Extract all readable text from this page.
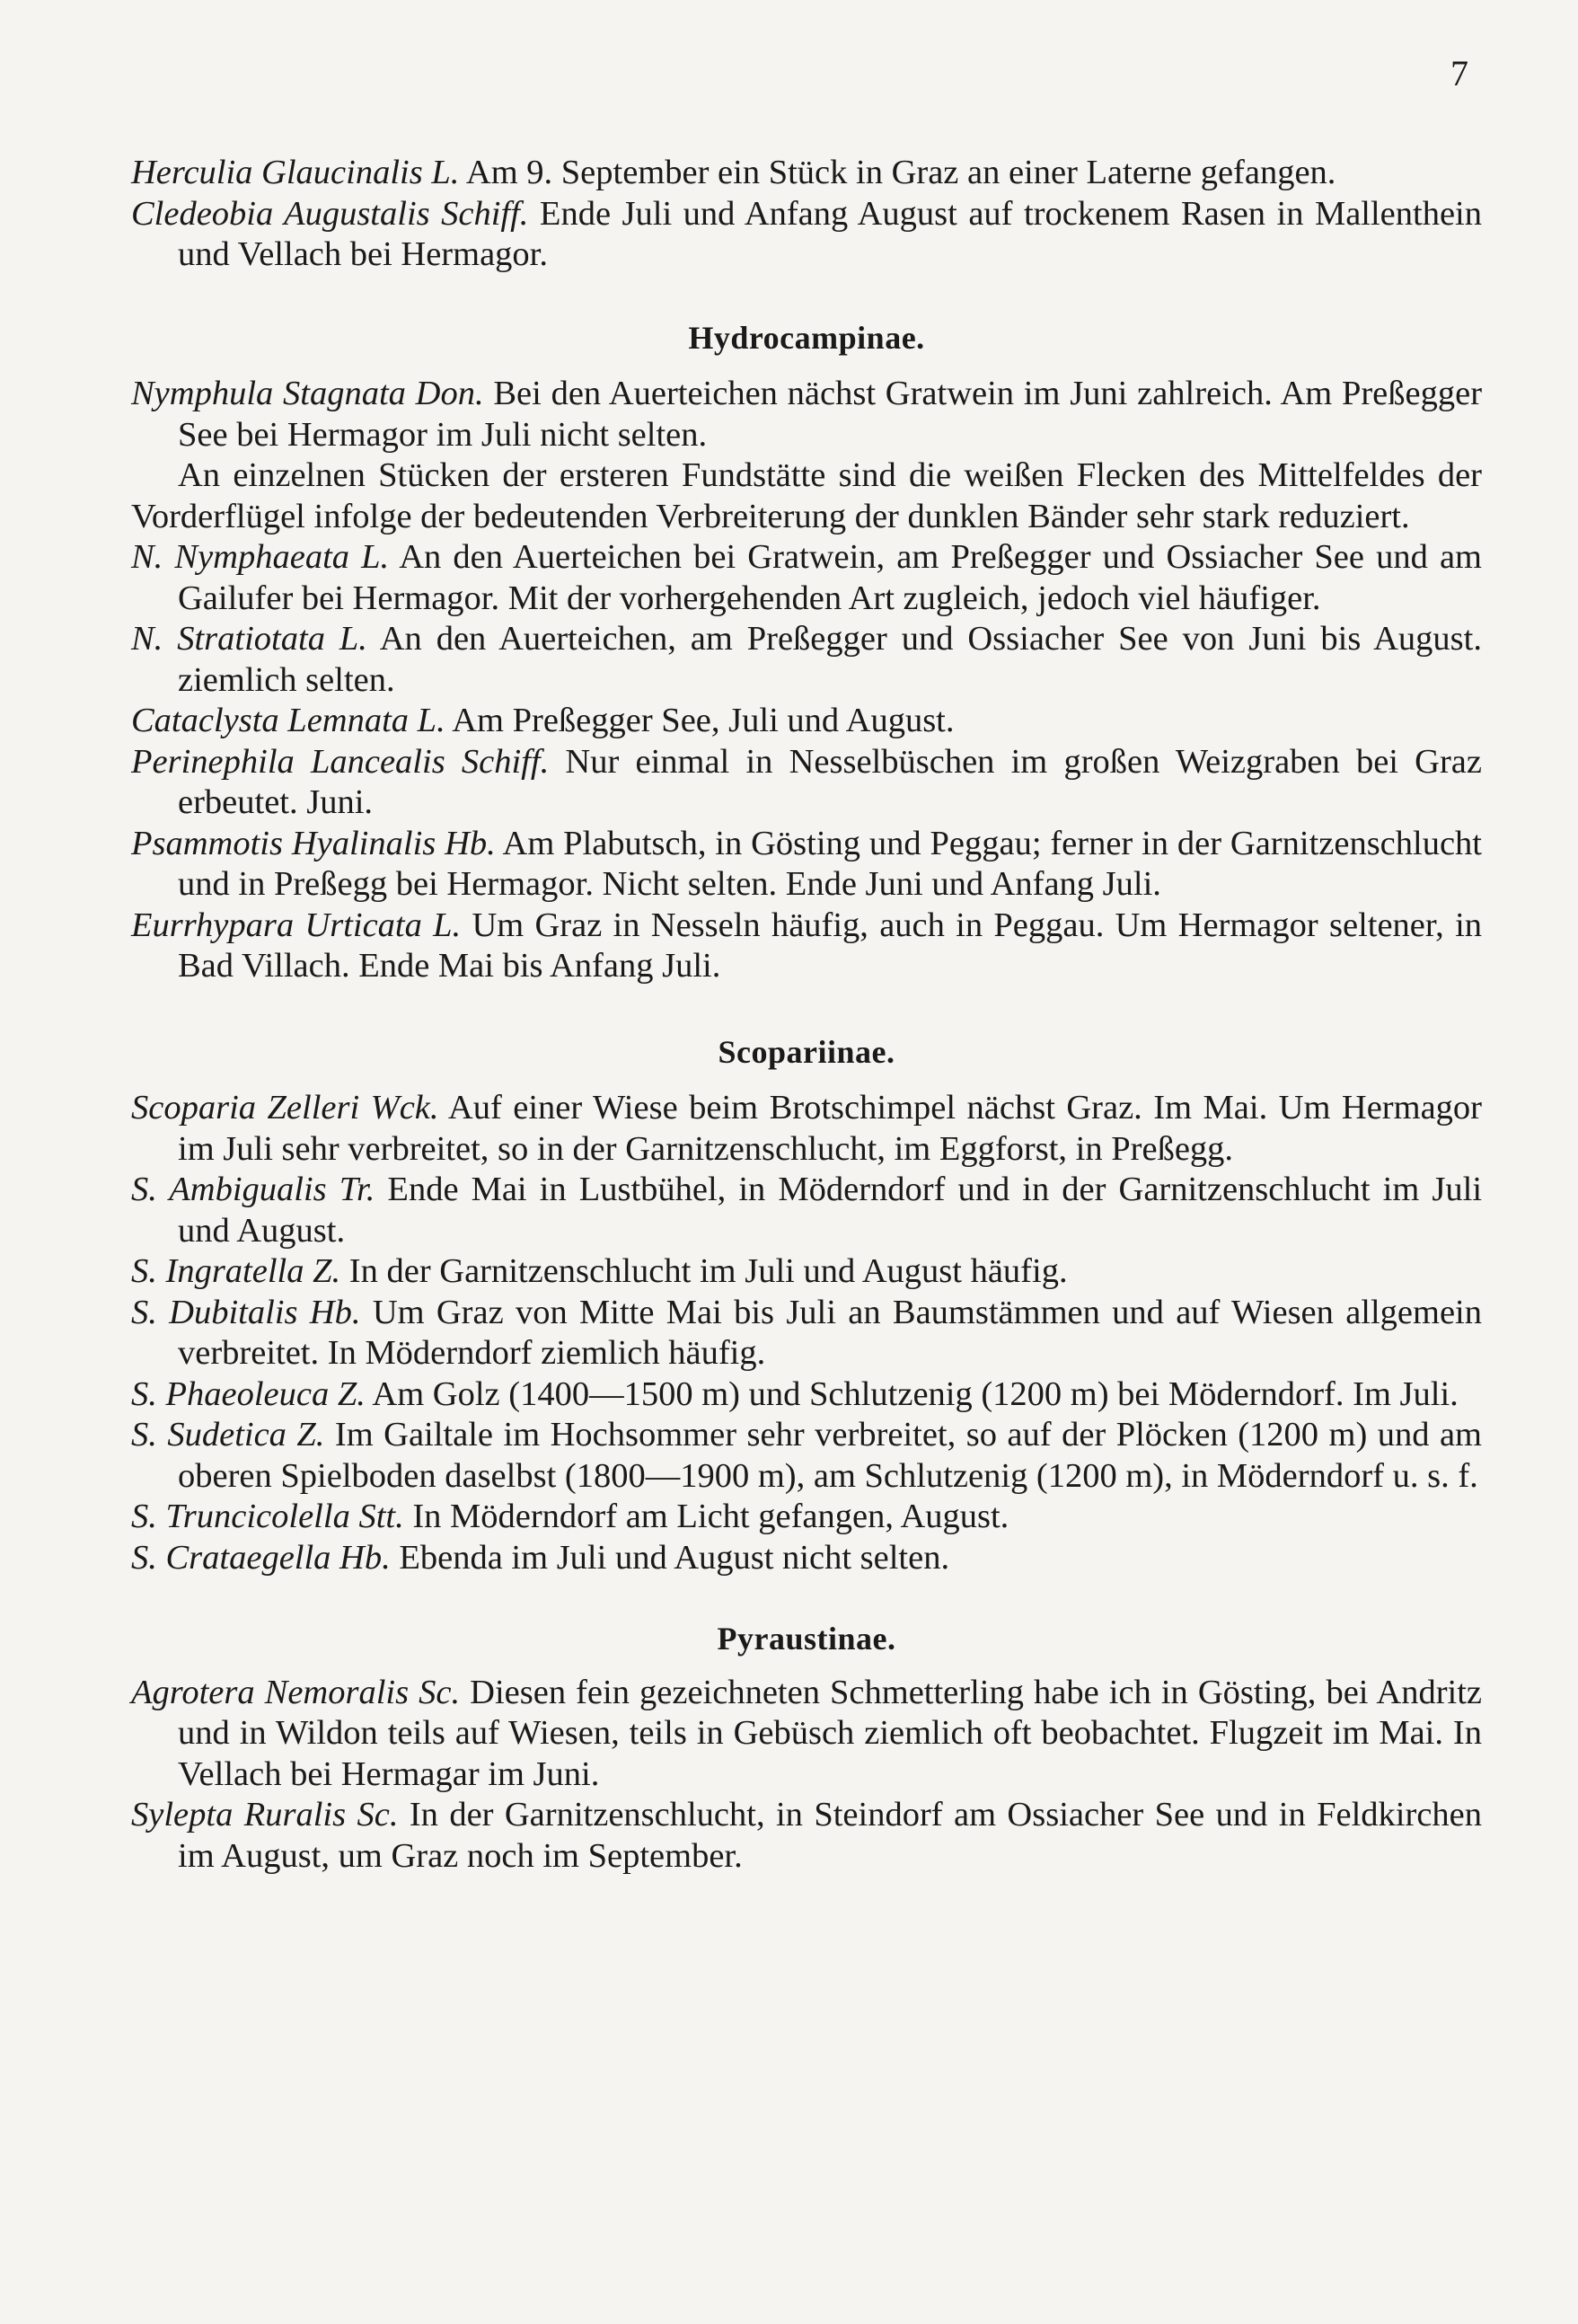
7

Herculia Glaucinalis L. Am 9. September ein Stück in Graz an einer Laterne gefangen.

Cledeobia Augustalis Schiff. Ende Juli und Anfang August auf trockenem Rasen in Mallenthein und Vellach bei Hermagor.

Hydrocampinae.

Nymphula Stagnata Don. Bei den Auerteichen nächst Gratwein im Juni zahlreich. Am Preßegger See bei Hermagor im Juli nicht selten.

An einzelnen Stücken der ersteren Fundstätte sind die weißen Flecken des Mittelfeldes der Vorderflügel infolge der bedeutenden Verbreiterung der dunklen Bänder sehr stark reduziert.

N. Nymphaeata L. An den Auerteichen bei Gratwein, am Preßegger und Ossiacher See und am Gailufer bei Hermagor. Mit der vorhergehenden Art zugleich, jedoch viel häufiger.

N. Stratiotata L. An den Auerteichen, am Preßegger und Ossiacher See von Juni bis August. ziemlich selten.

Cataclysta Lemnata L. Am Preßegger See, Juli und August.

Perinephila Lancealis Schiff. Nur einmal in Nesselbüschen im großen Weizgraben bei Graz erbeutet. Juni.

Psammotis Hyalinalis Hb. Am Plabutsch, in Gösting und Peggau; ferner in der Garnitzenschlucht und in Preßegg bei Hermagor. Nicht selten. Ende Juni und Anfang Juli.

Eurrhypara Urticata L. Um Graz in Nesseln häufig, auch in Peggau. Um Hermagor seltener, in Bad Villach. Ende Mai bis Anfang Juli.

Scopariinae.

Scoparia Zelleri Wck. Auf einer Wiese beim Brotschimpel nächst Graz. Im Mai. Um Hermagor im Juli sehr verbreitet, so in der Garnitzenschlucht, im Eggforst, in Preßegg.

S. Ambigualis Tr. Ende Mai in Lustbühel, in Möderndorf und in der Garnitzenschlucht im Juli und August.

S. Ingratella Z. In der Garnitzenschlucht im Juli und August häufig.

S. Dubitalis Hb. Um Graz von Mitte Mai bis Juli an Baumstämmen und auf Wiesen allgemein verbreitet. In Möderndorf ziemlich häufig.

S. Phaeoleuca Z. Am Golz (1400—1500 m) und Schlutzenig (1200 m) bei Möderndorf. Im Juli.

S. Sudetica Z. Im Gailtale im Hochsommer sehr verbreitet, so auf der Plöcken (1200 m) und am oberen Spielboden daselbst (1800—1900 m), am Schlutzenig (1200 m), in Möderndorf u. s. f.

S. Truncicolella Stt. In Möderndorf am Licht gefangen, August.

S. Crataegella Hb. Ebenda im Juli und August nicht selten.

Pyraustinae.

Agrotera Nemoralis Sc. Diesen fein gezeichneten Schmetterling habe ich in Gösting, bei Andritz und in Wildon teils auf Wiesen, teils in Gebüsch ziemlich oft beobachtet. Flugzeit im Mai. In Vellach bei Hermagar im Juni.

Sylepta Ruralis Sc. In der Garnitzenschlucht, in Steindorf am Ossiacher See und in Feldkirchen im August, um Graz noch im September.
